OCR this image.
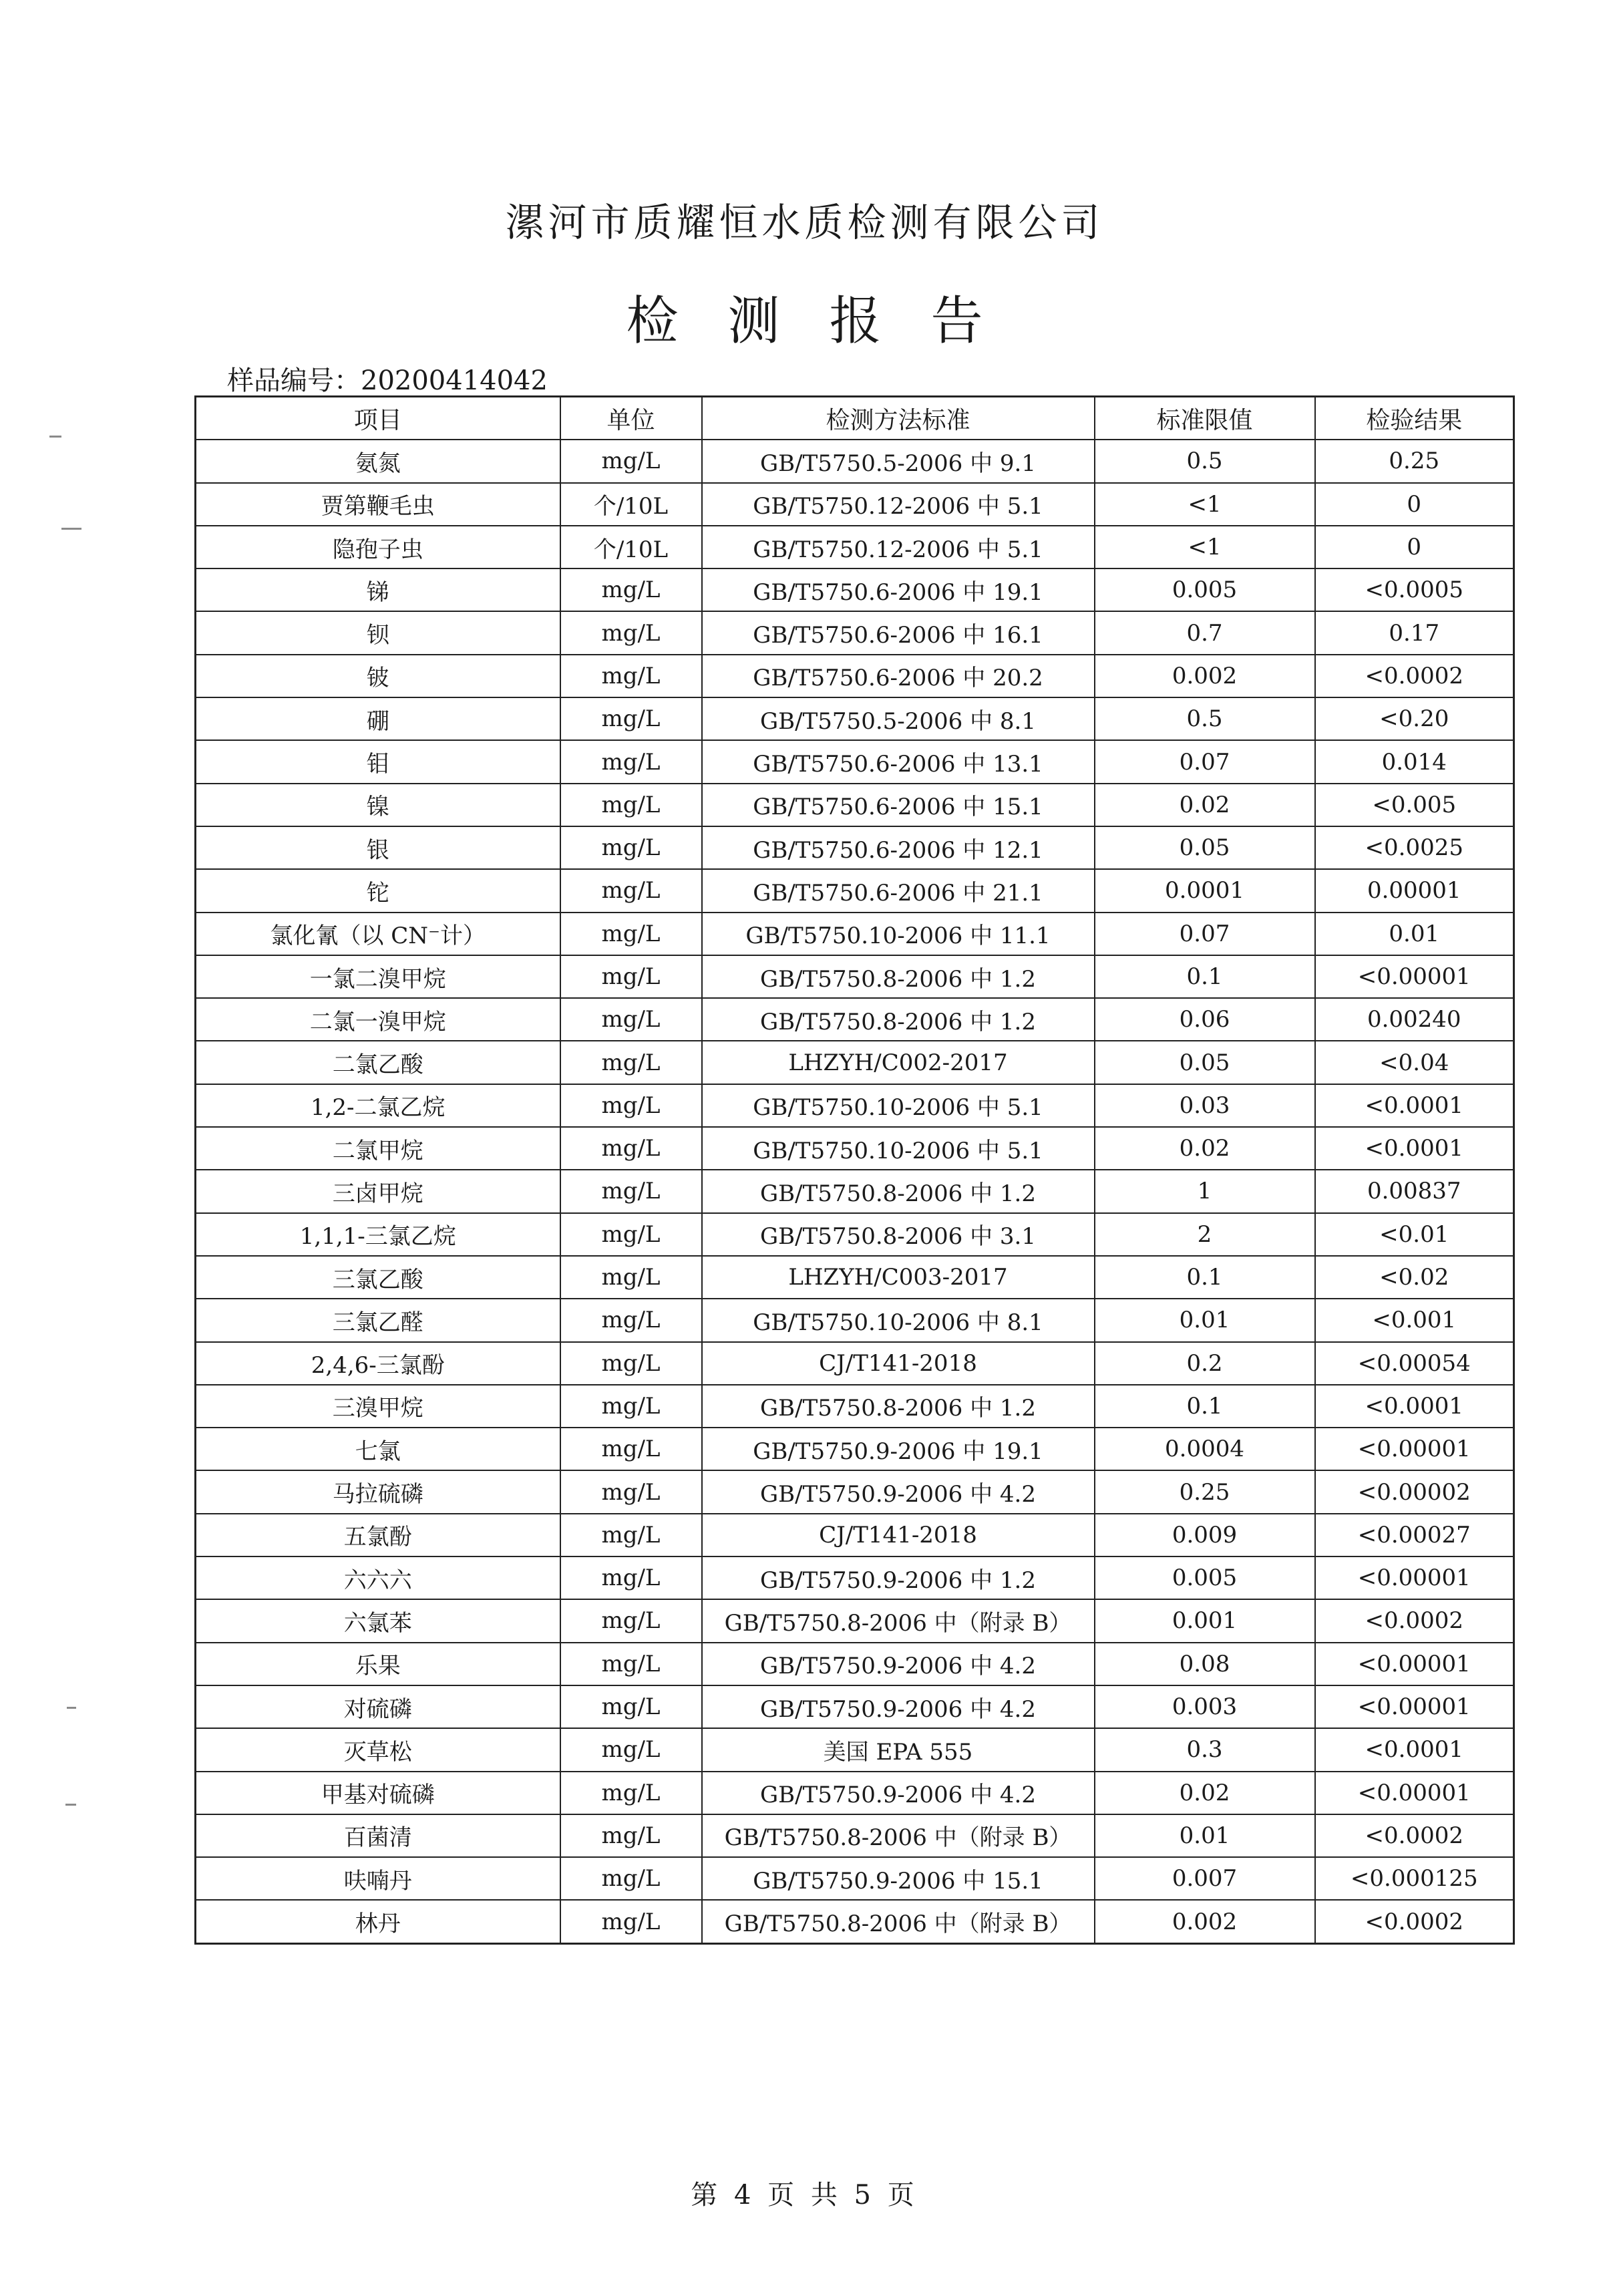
漯河市质耀恒水质检测有限公司
检测报告

样品编号：20200414042

项目	单位	检测方法标准	标准限值	检验结果
氨氮	mg/L	GB/T5750.5-2006 中 9.1	0.5	0.25
贾第鞭毛虫	个/10L	GB/T5750.12-2006 中 5.1	<1	0
隐孢子虫	个/10L	GB/T5750.12-2006 中 5.1	<1	0
锑	mg/L	GB/T5750.6-2006 中 19.1	0.005	<0.0005
钡	mg/L	GB/T5750.6-2006 中 16.1	0.7	0.17
铍	mg/L	GB/T5750.6-2006 中 20.2	0.002	<0.0002
硼	mg/L	GB/T5750.5-2006 中 8.1	0.5	<0.20
钼	mg/L	GB/T5750.6-2006 中 13.1	0.07	0.014
镍	mg/L	GB/T5750.6-2006 中 15.1	0.02	<0.005
银	mg/L	GB/T5750.6-2006 中 12.1	0.05	<0.0025
铊	mg/L	GB/T5750.6-2006 中 21.1	0.0001	0.00001
氯化氰（以 CN⁻计）	mg/L	GB/T5750.10-2006 中 11.1	0.07	0.01
一氯二溴甲烷	mg/L	GB/T5750.8-2006 中 1.2	0.1	<0.00001
二氯一溴甲烷	mg/L	GB/T5750.8-2006 中 1.2	0.06	0.00240
二氯乙酸	mg/L	LHZYH/C002-2017	0.05	<0.04
1,2-二氯乙烷	mg/L	GB/T5750.10-2006 中 5.1	0.03	<0.0001
二氯甲烷	mg/L	GB/T5750.10-2006 中 5.1	0.02	<0.0001
三卤甲烷	mg/L	GB/T5750.8-2006 中 1.2	1	0.00837
1,1,1-三氯乙烷	mg/L	GB/T5750.8-2006 中 3.1	2	<0.01
三氯乙酸	mg/L	LHZYH/C003-2017	0.1	<0.02
三氯乙醛	mg/L	GB/T5750.10-2006 中 8.1	0.01	<0.001
2,4,6-三氯酚	mg/L	CJ/T141-2018	0.2	<0.00054
三溴甲烷	mg/L	GB/T5750.8-2006 中 1.2	0.1	<0.0001
七氯	mg/L	GB/T5750.9-2006 中 19.1	0.0004	<0.00001
马拉硫磷	mg/L	GB/T5750.9-2006 中 4.2	0.25	<0.00002
五氯酚	mg/L	CJ/T141-2018	0.009	<0.00027
六六六	mg/L	GB/T5750.9-2006 中 1.2	0.005	<0.00001
六氯苯	mg/L	GB/T5750.8-2006 中（附录 B）	0.001	<0.0002
乐果	mg/L	GB/T5750.9-2006 中 4.2	0.08	<0.00001
对硫磷	mg/L	GB/T5750.9-2006 中 4.2	0.003	<0.00001
灭草松	mg/L	美国 EPA 555	0.3	<0.0001
甲基对硫磷	mg/L	GB/T5750.9-2006 中 4.2	0.02	<0.00001
百菌清	mg/L	GB/T5750.8-2006 中（附录 B）	0.01	<0.0002
呋喃丹	mg/L	GB/T5750.9-2006 中 15.1	0.007	<0.000125
林丹	mg/L	GB/T5750.8-2006 中（附录 B）	0.002	<0.0002

第 4 页 共 5 页
